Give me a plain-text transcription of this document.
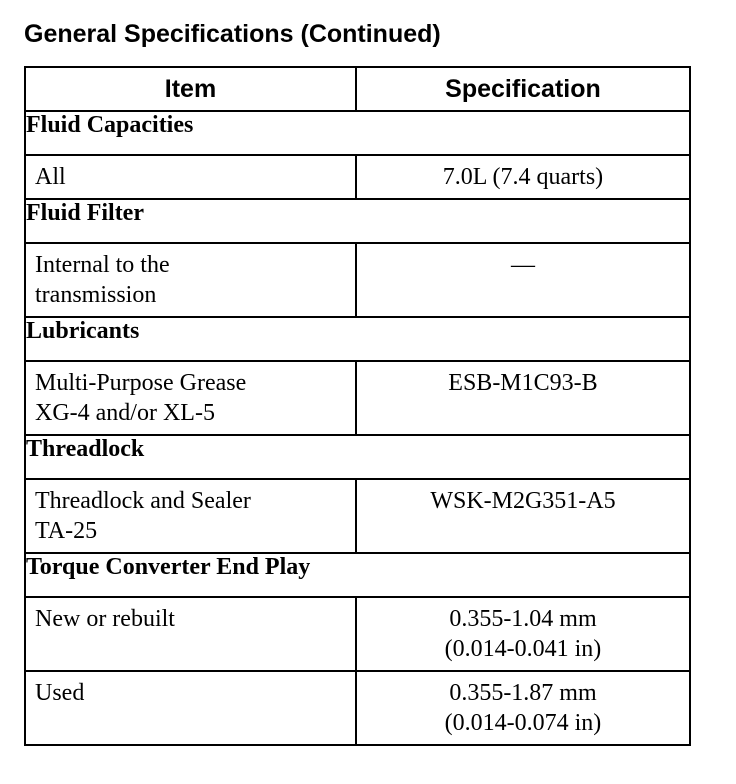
General Specifications (Continued)
Item	Specification
Fluid Capacities	
All	7.0L (7.4 quarts)
Fluid Filter	
Internal to the
transmission	—
Lubricants	
Multi-Purpose Grease
XG-4 and/or XL-5	ESB-M1C93-B
Threadlock	
Threadlock and Sealer
TA-25	WSK-M2G351-A5
Torque Converter End Play	
New or rebuilt	0.355-1.04 mm
(0.014-0.041 in)
Used	0.355-1.87 mm
(0.014-0.074 in)
